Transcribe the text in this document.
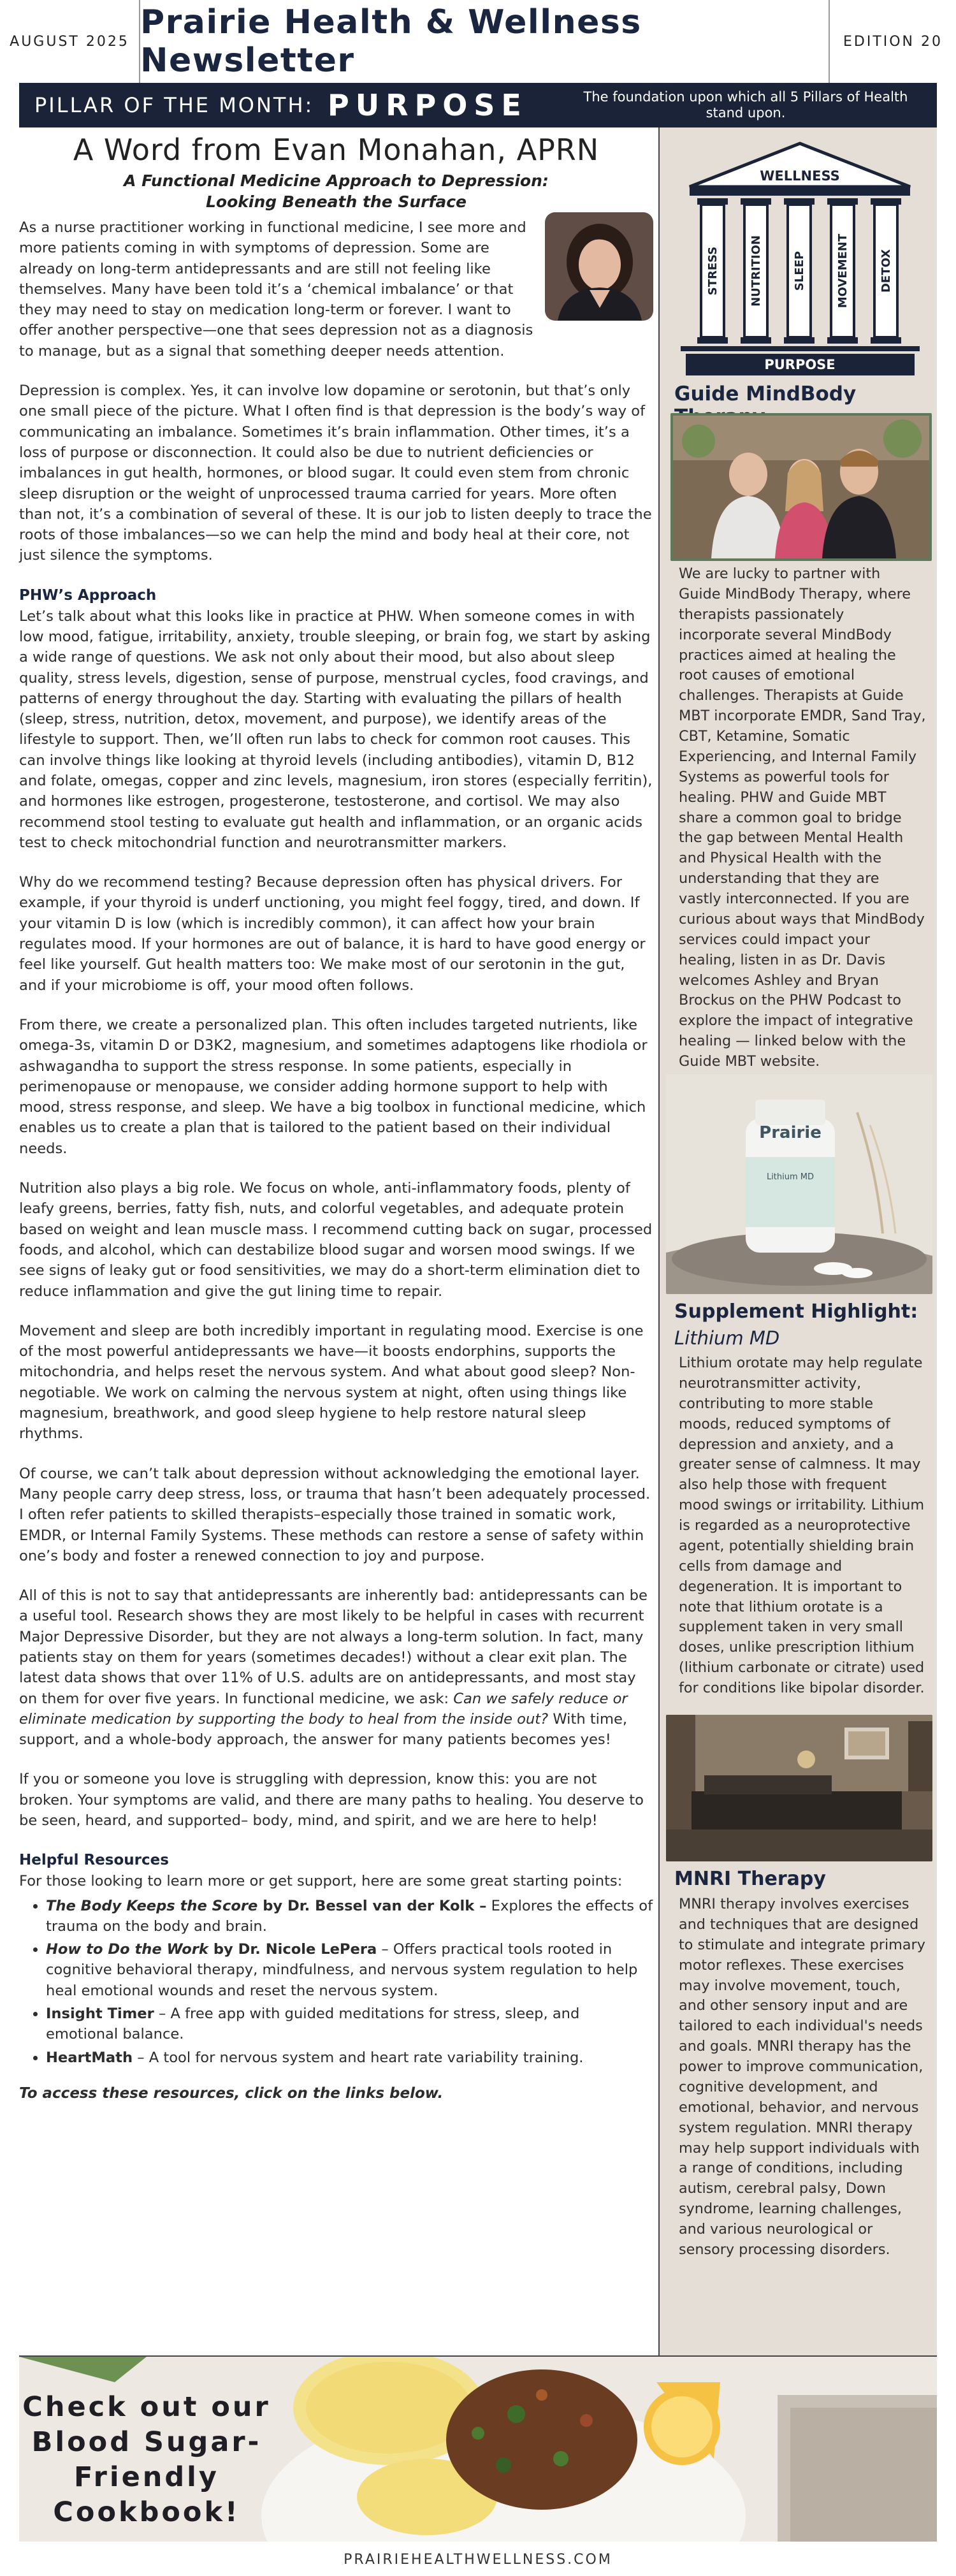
AUGUST 2025 Prairie Health & Wellness Newsletter	EDITION 20
PILLAR OF THE MONTH: PURPOSE	The foundation upon which all 5 Pillars of Health stand upon.
A Word from Evan Monahan, APRN
A Functional Medicine Approach to Depression:
Looking Beneath the Surface

As a nurse practitioner working in functional medicine, I see more and more patients coming in with symptoms of depression. Some are already on long-term antidepressants and are still not feeling like themselves. Many have been told it’s a ‘chemical imbalance’ or that they may need to stay on medication long-term or forever. I want to offer another perspective—one that sees depression not as a diagnosis to manage, but as a signal that something deeper needs attention.

Depression is complex. Yes, it can involve low dopamine or serotonin, but that’s only one small piece of the picture. What I often find is that depression is the body’s way of communicating an imbalance. Sometimes it’s brain inflammation. Other times, it’s a loss of purpose or disconnection. It could also be due to nutrient deficiencies or imbalances in gut health, hormones, or blood sugar. It could even stem from chronic sleep disruption or the weight of unprocessed trauma carried for years. More often than not, it’s a combination of several of these. It is our job to listen deeply to trace the roots of those imbalances—so we can help the mind and body heal at their core, not just silence the symptoms.

PHW’s Approach

Let’s talk about what this looks like in practice at PHW. When someone comes in with low mood, fatigue, irritability, anxiety, trouble sleeping, or brain fog, we start by asking a wide range of questions. We ask not only about their mood, but also about sleep quality, stress levels, digestion, sense of purpose, menstrual cycles, food cravings, and patterns of energy throughout the day. Starting with evaluating the pillars of health (sleep, stress, nutrition, detox, movement, and purpose), we identify areas of the lifestyle to support. Then, we’ll often run labs to check for common root causes. This can involve things like looking at thyroid levels (including antibodies), vitamin D, B12 and folate, omegas, copper and zinc levels, magnesium, iron stores (especially ferritin), and hormones like estrogen, progesterone, testosterone, and cortisol. We may also recommend stool testing to evaluate gut health and inflammation, or an organic acids test to check mitochondrial function and neurotransmitter markers.

Why do we recommend testing? Because depression often has physical drivers. For example, if your thyroid is underf unctioning, you might feel foggy, tired, and down. If your vitamin D is low (which is incredibly common), it can affect how your brain regulates mood. If your hormones are out of balance, it is hard to have good energy or feel like yourself. Gut health matters too: We make most of our serotonin in the gut, and if your microbiome is off, your mood often follows.

From there, we create a personalized plan. This often includes targeted nutrients, like omega-3s, vitamin D or D3K2, magnesium, and sometimes adaptogens like rhodiola or ashwagandha to support the stress response. In some patients, especially in perimenopause or menopause, we consider adding hormone support to help with mood, stress response, and sleep. We have a big toolbox in functional medicine, which enables us to create a plan that is tailored to the patient based on their individual needs.

Nutrition also plays a big role. We focus on whole, anti-inflammatory foods, plenty of leafy greens, berries, fatty fish, nuts, and colorful vegetables, and adequate protein based on weight and lean muscle mass. I recommend cutting back on sugar, processed foods, and alcohol, which can destabilize blood sugar and worsen mood swings. If we see signs of leaky gut or food sensitivities, we may do a short-term elimination diet to reduce inflammation and give the gut lining time to repair.

Movement and sleep are both incredibly important in regulating mood. Exercise is one of the most powerful antidepressants we have—it boosts endorphins, supports the mitochondria, and helps reset the nervous system. And what about good sleep? Non-negotiable. We work on calming the nervous system at night, often using things like magnesium, breathwork, and good sleep hygiene to help restore natural sleep rhythms.

Of course, we can’t talk about depression without acknowledging the emotional layer. Many people carry deep stress, loss, or trauma that hasn’t been adequately processed. I often refer patients to skilled therapists–especially those trained in somatic work, EMDR, or Internal Family Systems. These methods can restore a sense of safety within one’s body and foster a renewed connection to joy and purpose.

All of this is not to say that antidepressants are inherently bad: antidepressants can be a useful tool. Research shows they are most likely to be helpful in cases with recurrent Major Depressive Disorder, but they are not always a long-term solution. In fact, many patients stay on them for years (sometimes decades!) without a clear exit plan. The latest data shows that over 11% of U.S. adults are on antidepressants, and most stay on them for over five years. In functional medicine, we ask: Can we safely reduce or eliminate medication by supporting the body to heal from the inside out? With time, support, and a whole-body approach, the answer for many patients becomes yes!

If you or someone you love is struggling with depression, know this: you are not broken. Your symptoms are valid, and there are many paths to healing. You deserve to be seen, heard, and supported– body, mind, and spirit, and we are here to help!

Helpful Resources
For those looking to learn more or get support, here are some great starting points:
• The Body Keeps the Score by Dr. Bessel van der Kolk – Explores the effects of trauma on the body and brain.
• How to Do the Work by Dr. Nicole LePera – Offers practical tools rooted in cognitive behavioral therapy, mindfulness, and nervous system regulation to help heal emotional wounds and reset the nervous system.
• Insight Timer – A free app with guided meditations for stress, sleep, and emotional balance.
• HeartMath – A tool for nervous system and heart rate variability training.
To access these resources, click on the links below.
WELLNESS
STRESS	NUTRITION	SLEEP	MOVEMENT	DETOX
PURPOSE
Guide MindBody
We are lucky to partner with Guide MindBody Therapy, where therapists passionately incorporate several MindBody practices aimed at healing the root causes of emotional challenges. Therapists at Guide MBT incorporate EMDR, Sand Tray, CBT, Ketamine, Somatic Experiencing, and Internal Family Systems as powerful tools for healing. PHW and Guide MBT share a common goal to bridge the gap between Mental Health and Physical Health with the understanding that they are vastly interconnected. If you are curious about ways that MindBody services could impact your healing, listen in as Dr. Davis welcomes Ashley and Bryan Brockus on the PHW Podcast to explore the impact of integrative healing — linked below with the Guide MBT website.
Prairie
Lithium MD
Supplement Highlight:
Lithium MD
Lithium orotate may help regulate neurotransmitter activity, contributing to more stable moods, reduced symptoms of depression and anxiety, and a greater sense of calmness. It may also help those with frequent mood swings or irritability. Lithium is regarded as a neuroprotective agent, potentially shielding brain cells from damage and degeneration. It is important to note that lithium orotate is a supplement taken in very small doses, unlike prescription lithium (lithium carbonate or citrate) used for conditions like bipolar disorder.
MNRI Therapy
MNRI therapy involves exercises and techniques that are designed to stimulate and integrate primary motor reflexes. These exercises may involve movement, touch, and other sensory input and are tailored to each individual's needs and goals. MNRI therapy has the power to improve communication, cognitive development, and emotional, behavior, and nervous system regulation. MNRI therapy may help support individuals with a range of conditions, including autism, cerebral palsy, Down syndrome, learning challenges, and various neurological or sensory processing disorders.
Check out our
Blood Sugar-
Friendly
Cookbook!
PRAIRIEHEALTHWELLNESS.COM
